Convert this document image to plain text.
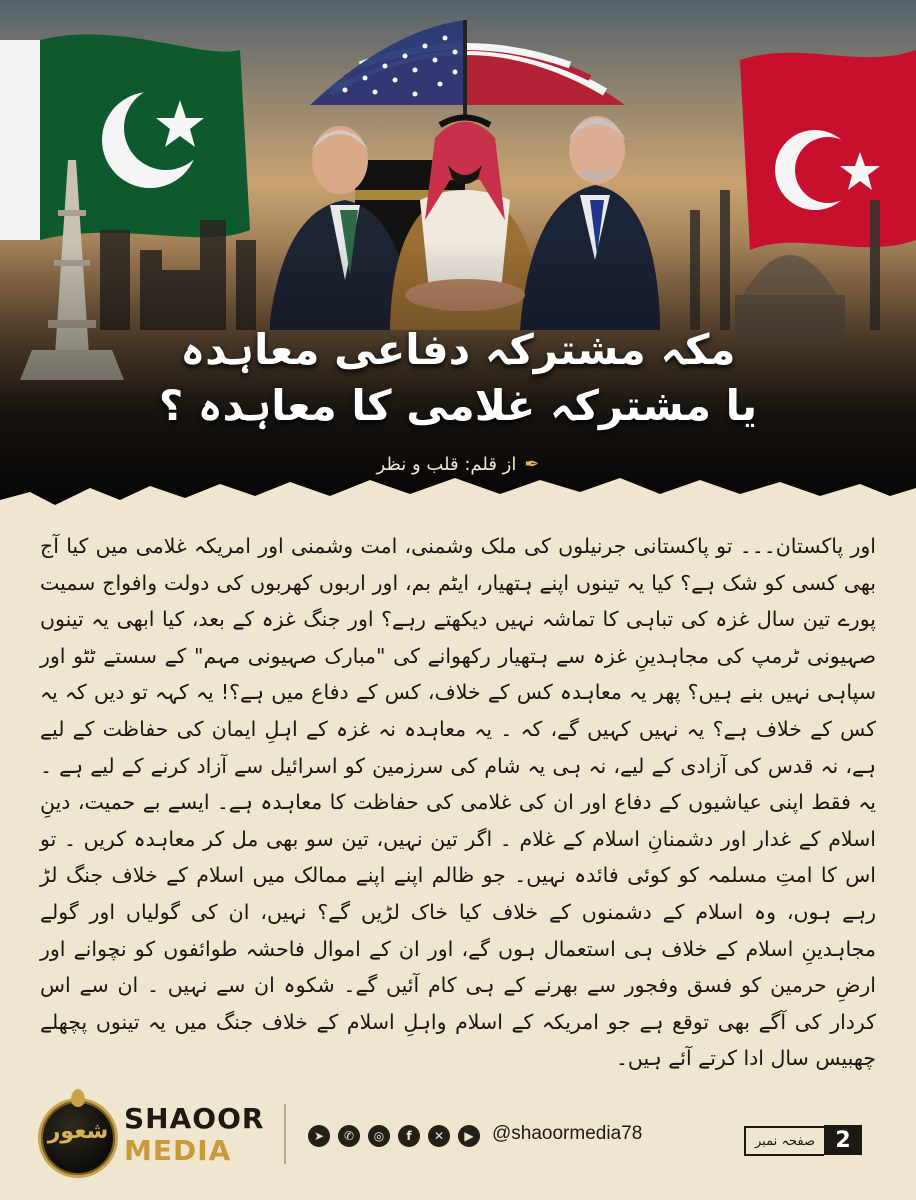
مکہ مشترکہ دفاعی معاہدہ
یا مشترکہ غلامی کا معاہدہ ؟
✒از قلم: قلب و نظر
اور پاکستان۔۔۔ تو پاکستانی جرنیلوں کی ملک وشمنی، امت وشمنی اور امریکہ غلامی میں کیا آج بھی کسی کو شک ہے؟ کیا یہ تینوں اپنے ہتھیار، ایٹم بم، اور اربوں کھربوں کی دولت وافواج سمیت پورے تین سال غزہ کی تباہی کا تماشہ نہیں دیکھتے رہے؟ اور جنگ غزہ کے بعد، کیا ابھی یہ تینوں صہیونی ٹرمپ کی مجاہدینِ غزہ سے ہتھیار رکھوانے کی "مبارک صہیونی مہم" کے سستے ٹٹو اور سپاہی نہیں بنے ہیں؟ پھر یہ معاہدہ کس کے خلاف، کس کے دفاع میں ہے؟! یہ کہہ تو دیں کہ یہ کس کے خلاف ہے؟ یہ نہیں کہیں گے، کہ ۔ یہ معاہدہ نہ غزہ کے اہلِ ایمان کی حفاظت کے لیے ہے، نہ قدس کی آزادی کے لیے، نہ ہی یہ شام کی سرزمین کو اسرائیل سے آزاد کرنے کے لیے ہے ۔ یہ فقط اپنی عیاشیوں کے دفاع اور ان کی غلامی کی حفاظت کا معاہدہ ہے۔ ایسے بے حمیت، دینِ اسلام کے غدار اور دشمنانِ اسلام کے غلام ۔ اگر تین نہیں، تین سو بھی مل کر معاہدہ کریں ۔ تو اس کا امتِ مسلمہ کو کوئی فائدہ نہیں۔ جو ظالم اپنے اپنے ممالک میں اسلام کے خلاف جنگ لڑ رہے ہوں، وہ اسلام کے دشمنوں کے خلاف کیا خاک لڑیں گے؟ نہیں، ان کی گولیاں اور گولے مجاہدینِ اسلام کے خلاف ہی استعمال ہوں گے، اور ان کے اموال فاحشہ طوائفوں کو نچوانے اور ارضِ حرمین کو فسق وفجور سے بھرنے کے ہی کام آئیں گے۔ شکوہ ان سے نہیں ۔ ان سے اس کردار کی آگے بھی توقع ہے جو امریکہ کے اسلام واہلِ اسلام کے خلاف جنگ میں یہ تینوں پچھلے چھبیس سال ادا کرتے آئے ہیں۔
شعور SHAOOR
MEDIA	➤	✆	◎	f	✕	▶ @shaoormedia78	صفحہ نمبر 2
